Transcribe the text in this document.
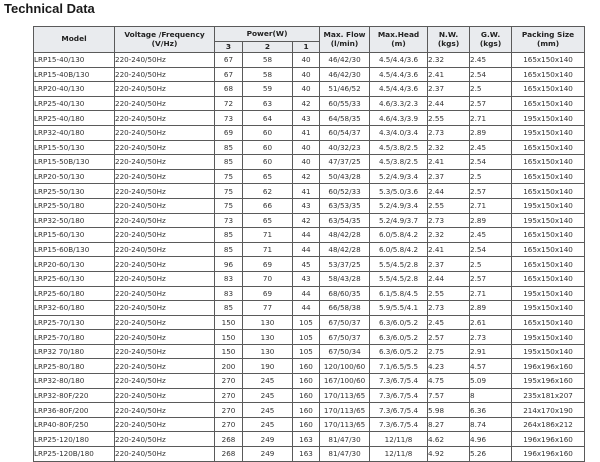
Technical Data
Model	Voltage /Frequency (V/Hz)	Power(W)			Max. Flow (l/min)	Max.Head (m)	N.W. (kgs)	G.W. (kgs)	Packing Size (mm)
		3	2	1					
LRP15-40/130	220-240/50Hz	67	58	40	46/42/30	4.5/4.4/3.6	2.32	2.45	165x150x140
LRP15-40B/130	220-240/50Hz	67	58	40	46/42/30	4.5/4.4/3.6	2.41	2.54	165x150x140
LRP20-40/130	220-240/50Hz	68	59	40	51/46/52	4.5/4.4/3.6	2.37	2.5	165x150x140
LRP25-40/130	220-240/50Hz	72	63	42	60/55/33	4.6/3.3/2.3	2.44	2.57	165x150x140
LRP25-40/180	220-240/50Hz	73	64	43	64/58/35	4.6/4.3/3.9	2.55	2.71	195x150x140
LRP32-40/180	220-240/50Hz	69	60	41	60/54/37	4.3/4.0/3.4	2.73	2.89	195x150x140
LRP15-50/130	220-240/50Hz	85	60	40	40/32/23	4.5/3.8/2.5	2.32	2.45	165x150x140
LRP15-50B/130	220-240/50Hz	85	60	40	47/37/25	4.5/3.8/2.5	2.41	2.54	165x150x140
LRP20-50/130	220-240/50Hz	75	65	42	50/43/28	5.2/4.9/3.4	2.37	2.5	165x150x140
LRP25-50/130	220-240/50Hz	75	62	41	60/52/33	5.3/5.0/3.6	2.44	2.57	165x150x140
LRP25-50/180	220-240/50Hz	75	66	43	63/53/35	5.2/4.9/3.4	2.55	2.71	195x150x140
LRP32-50/180	220-240/50Hz	73	65	42	63/54/35	5.2/4.9/3.7	2.73	2.89	195x150x140
LRP15-60/130	220-240/50Hz	85	71	44	48/42/28	6.0/5.8/4.2	2.32	2.45	165x150x140
LRP15-60B/130	220-240/50Hz	85	71	44	48/42/28	6.0/5.8/4.2	2.41	2.54	165x150x140
LRP20-60/130	220-240/50Hz	96	69	45	53/37/25	5.5/4.5/2.8	2.37	2.5	165x150x140
LRP25-60/130	220-240/50Hz	83	70	43	58/43/28	5.5/4.5/2.8	2.44	2.57	165x150x140
LRP25-60/180	220-240/50Hz	83	69	44	68/60/35	6.1/5.8/4.5	2.55	2.71	195x150x140
LRP32-60/180	220-240/50Hz	85	77	44	66/58/38	5.9/5.5/4.1	2.73	2.89	195x150x140
LRP25-70/130	220-240/50Hz	150	130	105	67/50/37	6.3/6.0/5.2	2.45	2.61	165x150x140
LRP25-70/180	220-240/50Hz	150	130	105	67/50/37	6.3/6.0/5.2	2.57	2.73	195x150x140
LRP32 70/180	220-240/50Hz	150	130	105	67/50/34	6.3/6.0/5.2	2.75	2.91	195x150x140
LRP25-80/180	220-240/50Hz	200	190	160	120/100/60	7.1/6.5/5.5	4.23	4.57	196x196x160
LRP32-80/180	220-240/50Hz	270	245	160	167/100/60	7.3/6.7/5.4	4.75	5.09	195x196x160
LRP32-80F/220	220-240/50Hz	270	245	160	170/113/65	7.3/6.7/5.4	7.57	8	235x181x207
LRP36-80F/200	220-240/50Hz	270	245	160	170/113/65	7.3/6.7/5.4	5.98	6.36	214x170x190
LRP40-80F/250	220-240/50Hz	270	245	160	170/113/65	7.3/6.7/5.4	8.27	8.74	264x186x212
LRP25-120/180	220-240/50Hz	268	249	163	81/47/30	12/11/8	4.62	4.96	196x196x160
LRP25-120B/180	220-240/50Hz	268	249	163	81/47/30	12/11/8	4.92	5.26	196x196x160
